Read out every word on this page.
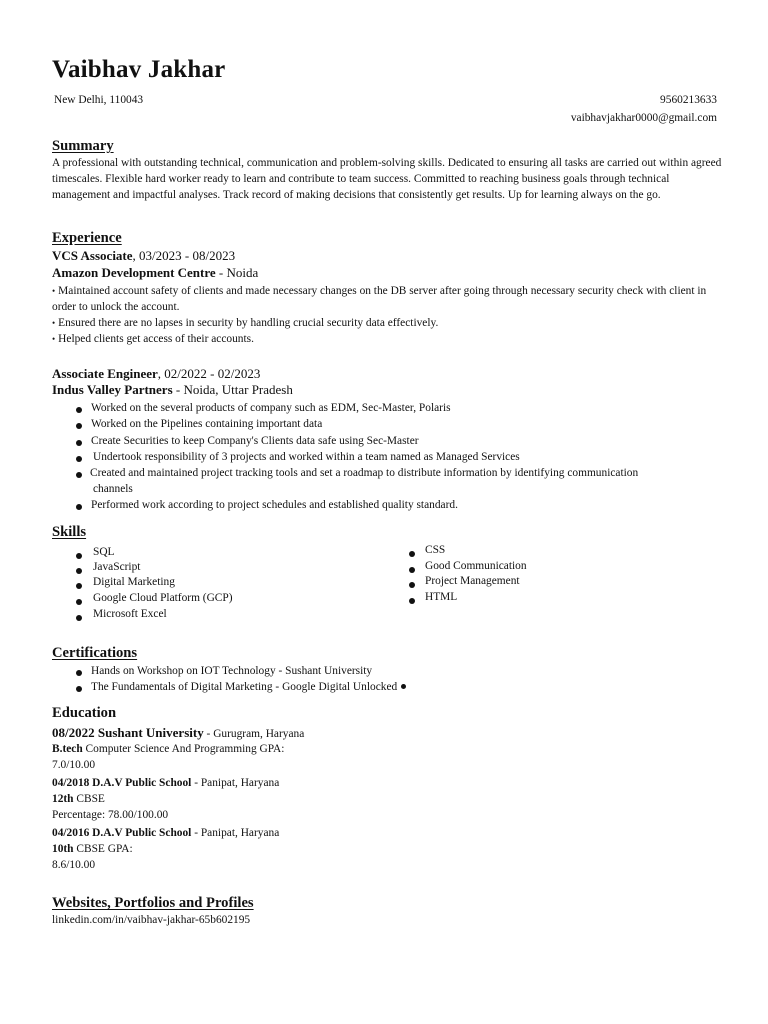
Vaibhav Jakhar
New Delhi, 110043	9560213633
vaibhavjakhar0000@gmail.com
Summary
A professional with outstanding technical, communication and problem-solving skills. Dedicated to ensuring all tasks are carried out within agreed timescales. Flexible hard worker ready to learn and contribute to team success. Committed to reaching business goals through technical management and impactful analyses. Track record of making decisions that consistently get results. Up for learning always on the go.
Experience
VCS Associate, 03/2023 - 08/2023
Amazon Development Centre - Noida
• Maintained account safety of clients and made necessary changes on the DB server after going through necessary security check with client in order to unlock the account.
• Ensured there are no lapses in security by handling crucial security data effectively.
• Helped clients get access of their accounts.
Associate Engineer, 02/2022 - 02/2023
Indus Valley Partners - Noida, Uttar Pradesh
Worked on the several products of company such as EDM, Sec-Master, Polaris
Worked on the Pipelines containing important data
Create Securities to keep Company's Clients data safe using Sec-Master
Undertook responsibility of 3 projects and worked within a team named as Managed Services
Created and maintained project tracking tools and set a roadmap to distribute information by identifying communication
channels
Performed work according to project schedules and established quality standard.
Skills
SQL
JavaScript
Digital Marketing
Google Cloud Platform (GCP)
Microsoft Excel
CSS
Good Communication
Project Management
HTML
Certifications
Hands on Workshop on IOT Technology - Sushant University
The Fundamentals of Digital Marketing - Google Digital Unlocked
Education
08/2022 Sushant University - Gurugram, Haryana
B.tech Computer Science And Programming GPA:
7.0/10.00
04/2018 D.A.V Public School - Panipat, Haryana
12th CBSE
Percentage: 78.00/100.00
04/2016 D.A.V Public School - Panipat, Haryana
10th CBSE GPA:
8.6/10.00
Websites, Portfolios and Profiles
linkedin.com/in/vaibhav-jakhar-65b602195
